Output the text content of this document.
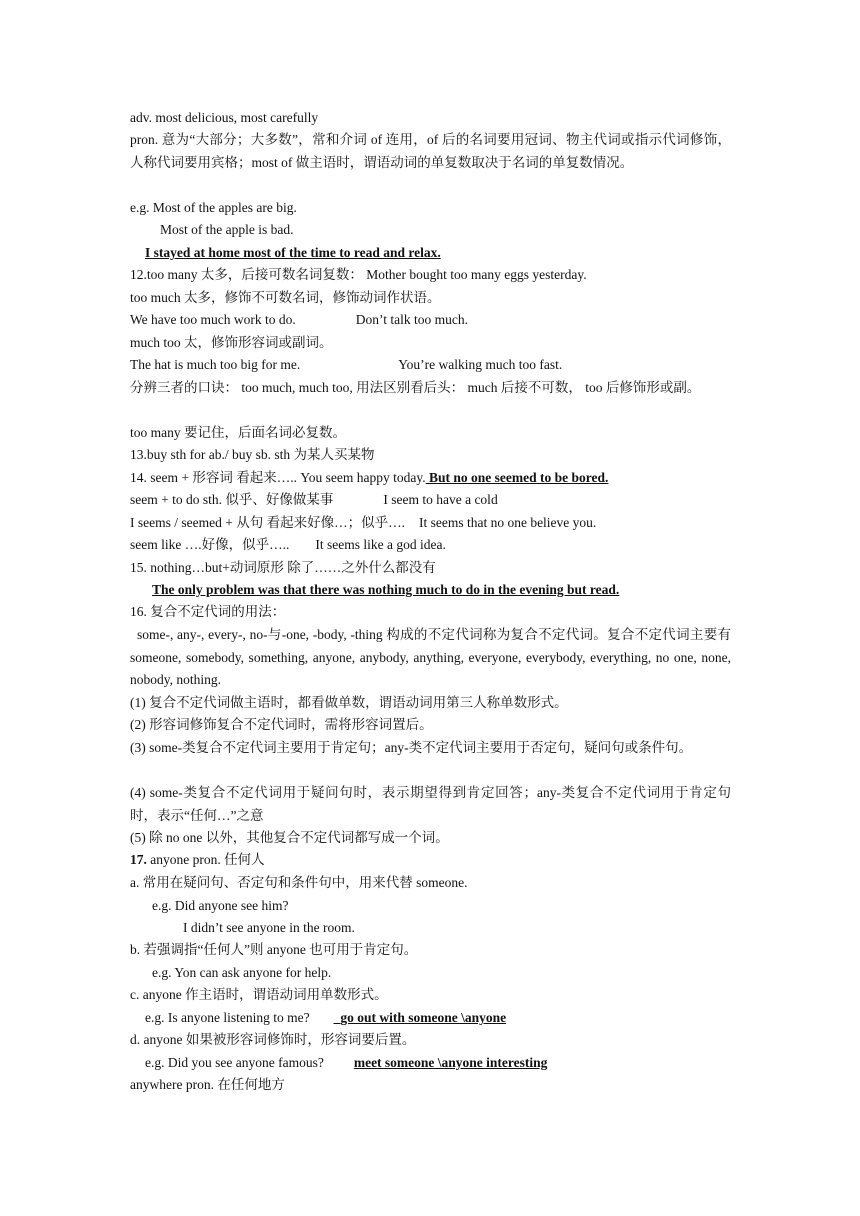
adv. most delicious, most carefully
pron. 意为“大部分；大多数”，常和介词 of 连用，of 后的名词要用冠词、物主代词或指示代词修饰，人称代词要用宾格；most of 做主语时，谓语动词的单复数取决于名词的单复数情况。
e.g. Most of the apples are big.
Most of the apple is bad.
I stayed at home most of the time to read and relax.
12.too many 太多，后接可数名词复数： Mother bought too many eggs yesterday.
too much 太多，修饰不可数名词，修饰动词作状语。
We have too much work to do.	Don’t talk too much.
much too 太，修饰形容词或副词。
The hat is much too big for me.	You’re walking much too fast.
分辨三者的口诀： too much, much too, 用法区别看后头： much 后接不可数， too 后修饰形或副。
too many 要记住，后面名词必复数。
13.buy sth for ab./ buy sb. sth 为某人买某物
14. seem + 形容词 看起来….. You seem happy today. But no one seemed to be bored.
seem + to do sth. 似乎、好像做某事	I seem to have a cold
I seems / seemed + 从句 看起来好像…；似乎…. It seems that no one believe you.
seem like ….好像，似乎….. It seems like a god idea.
15. nothing…but+动词原形 除了……之外什么都没有
The only problem was that there was nothing much to do in the evening but read.
16. 复合不定代词的用法：
some-, any-, every-, no-与-one, -body, -thing 构成的不定代词称为复合不定代词。复合不定代词主要有 someone, somebody, something, anyone, anybody, anything, everyone, everybody, everything, no one, none, nobody, nothing.
(1) 复合不定代词做主语时，都看做单数，谓语动词用第三人称单数形式。
(2) 形容词修饰复合不定代词时，需将形容词置后。
(3) some-类复合不定代词主要用于肯定句；any-类不定代词主要用于否定句，疑问句或条件句。
(4) some-类复合不定代词用于疑问句时，表示期望得到肯定回答；any-类复合不定代词用于肯定句时，表示“任何…”之意
(5) 除 no one 以外，其他复合不定代词都写成一个词。
17. anyone pron. 任何人
a. 常用在疑问句、否定句和条件句中，用来代替 someone.
e.g. Did anyone see him?
I didn’t see anyone in the room.
b. 若强调指“任何人”则 anyone 也可用于肯定句。
e.g. Yon can ask anyone for help.
c. anyone 作主语时，谓语动词用单数形式。
e.g. Is anyone listening to me? _go out with someone \anyone
d. anyone 如果被形容词修饰时，形容词要后置。
e.g. Did you see anyone famous? meet someone \anyone interesting
anywhere pron. 在任何地方
